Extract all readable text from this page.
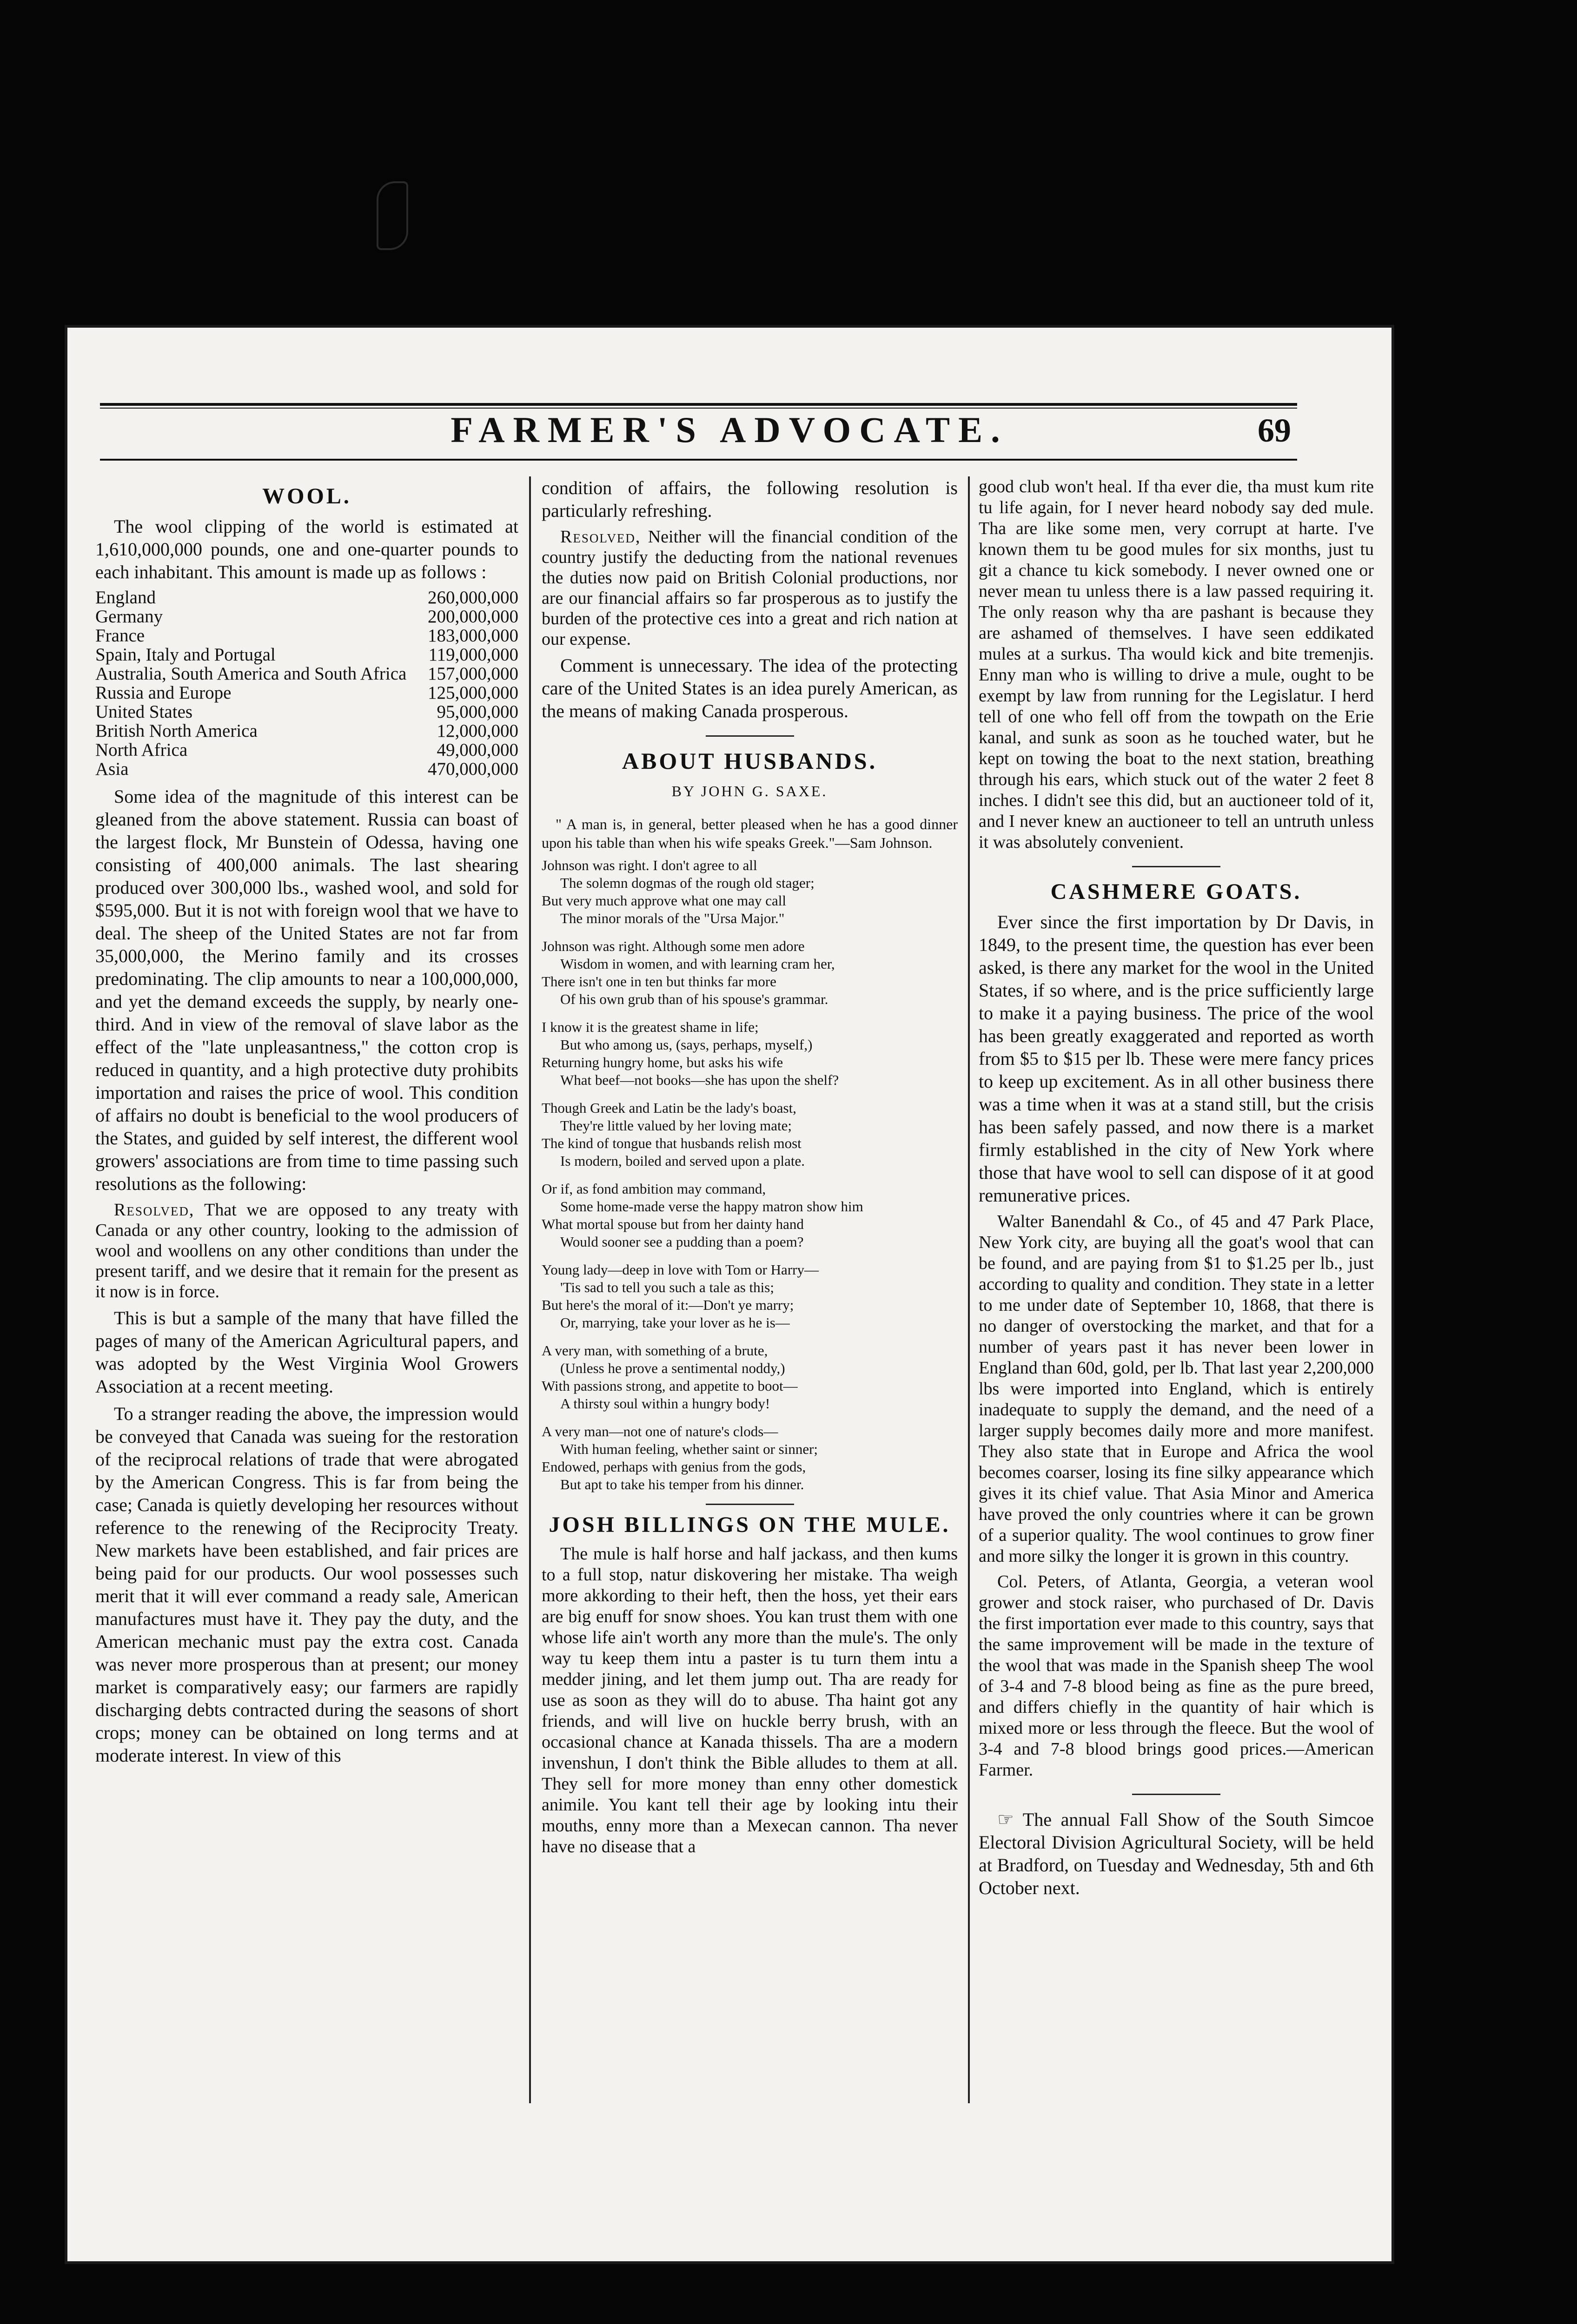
FARMER'S ADVOCATE.	69
WOOL.

The wool clipping of the world is estimated at 1,610,000,000 pounds, one and one-quarter pounds to each inhabitant. This amount is made up as follows :

England	260,000,000
Germany	200,000,000
France	183,000,000
Spain, Italy and Portugal	119,000,000
Australia, South America and South Africa	157,000,000
Russia and Europe	125,000,000
United States	95,000,000
British North America	12,000,000
North Africa	49,000,000
Asia	470,000,000

Some idea of the magnitude of this interest can be gleaned from the above statement. Russia can boast of the largest flock, Mr Bunstein of Odessa, having one consisting of 400,000 animals. The last shearing produced over 300,000 lbs., washed wool, and sold for $595,000. But it is not with foreign wool that we have to deal. The sheep of the United States are not far from 35,000,000, the Merino family and its crosses predominating. The clip amounts to near a 100,000,000, and yet the demand exceeds the supply, by nearly one-third. And in view of the removal of slave labor as the effect of the "late unpleasantness," the cotton crop is reduced in quantity, and a high protective duty prohibits importation and raises the price of wool. This condition of affairs no doubt is beneficial to the wool producers of the States, and guided by self interest, the different wool growers' associations are from time to time passing such resolutions as the following:

Resolved, That we are opposed to any treaty with Canada or any other country, looking to the admission of wool and woollens on any other conditions than under the present tariff, and we desire that it remain for the present as it now is in force.

This is but a sample of the many that have filled the pages of many of the American Agricultural papers, and was adopted by the West Virginia Wool Growers Association at a recent meeting.

To a stranger reading the above, the impression would be conveyed that Canada was sueing for the restoration of the reciprocal relations of trade that were abrogated by the American Congress. This is far from being the case; Canada is quietly developing her resources without reference to the renewing of the Reciprocity Treaty. New markets have been established, and fair prices are being paid for our products. Our wool possesses such merit that it will ever command a ready sale, American manufactures must have it. They pay the duty, and the American mechanic must pay the extra cost. Canada was never more prosperous than at present; our money market is comparatively easy; our farmers are rapidly discharging debts contracted during the seasons of short crops; money can be obtained on long terms and at moderate interest. In view of this

condition of affairs, the following resolution is particularly refreshing.

Resolved, Neither will the financial condition of the country justify the deducting from the national revenues the duties now paid on British Colonial productions, nor are our financial affairs so far prosperous as to justify the burden of the protective ces into a great and rich nation at our expense.

Comment is unnecessary. The idea of the protecting care of the United States is an idea purely American, as the means of making Canada prosperous.

ABOUT HUSBANDS.
BY JOHN G. SAXE.

" A man is, in general, better pleased when he has a good dinner upon his table than when his wife speaks Greek."—Sam Johnson.

Johnson was right. I don't agree to all
The solemn dogmas of the rough old stager;
But very much approve what one may call
The minor morals of the "Ursa Major."
Johnson was right. Although some men adore
Wisdom in women, and with learning cram her,
There isn't one in ten but thinks far more
Of his own grub than of his spouse's grammar.
I know it is the greatest shame in life;
But who among us, (says, perhaps, myself,)
Returning hungry home, but asks his wife
What beef—not books—she has upon the shelf?
Though Greek and Latin be the lady's boast,
They're little valued by her loving mate;
The kind of tongue that husbands relish most
Is modern, boiled and served upon a plate.
Or if, as fond ambition may command,
Some home-made verse the happy matron show him
What mortal spouse but from her dainty hand
Would sooner see a pudding than a poem?
Young lady—deep in love with Tom or Harry—
'Tis sad to tell you such a tale as this;
But here's the moral of it:—Don't ye marry;
Or, marrying, take your lover as he is—
A very man, with something of a brute,
(Unless he prove a sentimental noddy,)
With passions strong, and appetite to boot—
A thirsty soul within a hungry body!
A very man—not one of nature's clods—
With human feeling, whether saint or sinner;
Endowed, perhaps with genius from the gods,
But apt to take his temper from his dinner.
JOSH BILLINGS ON THE MULE.

The mule is half horse and half jackass, and then kums to a full stop, natur diskovering her mistake. Tha weigh more akkording to their heft, then the hoss, yet their ears are big enuff for snow shoes. You kan trust them with one whose life ain't worth any more than the mule's. The only way tu keep them intu a paster is tu turn them intu a medder jining, and let them jump out. Tha are ready for use as soon as they will do to abuse. Tha haint got any friends, and will live on huckle berry brush, with an occasional chance at Kanada thissels. Tha are a modern invenshun, I don't think the Bible alludes to them at all. They sell for more money than enny other domestick animile. You kant tell their age by looking intu their mouths, enny more than a Mexecan cannon. Tha never have no disease that a

good club won't heal. If tha ever die, tha must kum rite tu life again, for I never heard nobody say ded mule. Tha are like some men, very corrupt at harte. I've known them tu be good mules for six months, just tu git a chance tu kick somebody. I never owned one or never mean tu unless there is a law passed requiring it. The only reason why tha are pashant is because they are ashamed of themselves. I have seen eddikated mules at a surkus. Tha would kick and bite tremenjis. Enny man who is willing to drive a mule, ought to be exempt by law from running for the Legislatur. I herd tell of one who fell off from the towpath on the Erie kanal, and sunk as soon as he touched water, but he kept on towing the boat to the next station, breathing through his ears, which stuck out of the water 2 feet 8 inches. I didn't see this did, but an auctioneer told of it, and I never knew an auctioneer to tell an untruth unless it was absolutely convenient.

CASHMERE GOATS.

Ever since the first importation by Dr Davis, in 1849, to the present time, the question has ever been asked, is there any market for the wool in the United States, if so where, and is the price sufficiently large to make it a paying business. The price of the wool has been greatly exaggerated and reported as worth from $5 to $15 per lb. These were mere fancy prices to keep up excitement. As in all other business there was a time when it was at a stand still, but the crisis has been safely passed, and now there is a market firmly established in the city of New York where those that have wool to sell can dispose of it at good remunerative prices.

Walter Banendahl & Co., of 45 and 47 Park Place, New York city, are buying all the goat's wool that can be found, and are paying from $1 to $1.25 per lb., just according to quality and condition. They state in a letter to me under date of September 10, 1868, that there is no danger of overstocking the market, and that for a number of years past it has never been lower in England than 60d, gold, per lb. That last year 2,200,000 lbs were imported into England, which is entirely inadequate to supply the demand, and the need of a larger supply becomes daily more and more manifest. They also state that in Europe and Africa the wool becomes coarser, losing its fine silky appearance which gives it its chief value. That Asia Minor and America have proved the only countries where it can be grown of a superior quality. The wool continues to grow finer and more silky the longer it is grown in this country.

Col. Peters, of Atlanta, Georgia, a veteran wool grower and stock raiser, who purchased of Dr. Davis the first importation ever made to this country, says that the same improvement will be made in the texture of the wool that was made in the Spanish sheep The wool of 3-4 and 7-8 blood being as fine as the pure breed, and differs chiefly in the quantity of hair which is mixed more or less through the fleece. But the wool of 3-4 and 7-8 blood brings good prices.—American Farmer.

☞ The annual Fall Show of the South Simcoe Electoral Division Agricultural Society, will be held at Bradford, on Tuesday and Wednesday, 5th and 6th October next.
